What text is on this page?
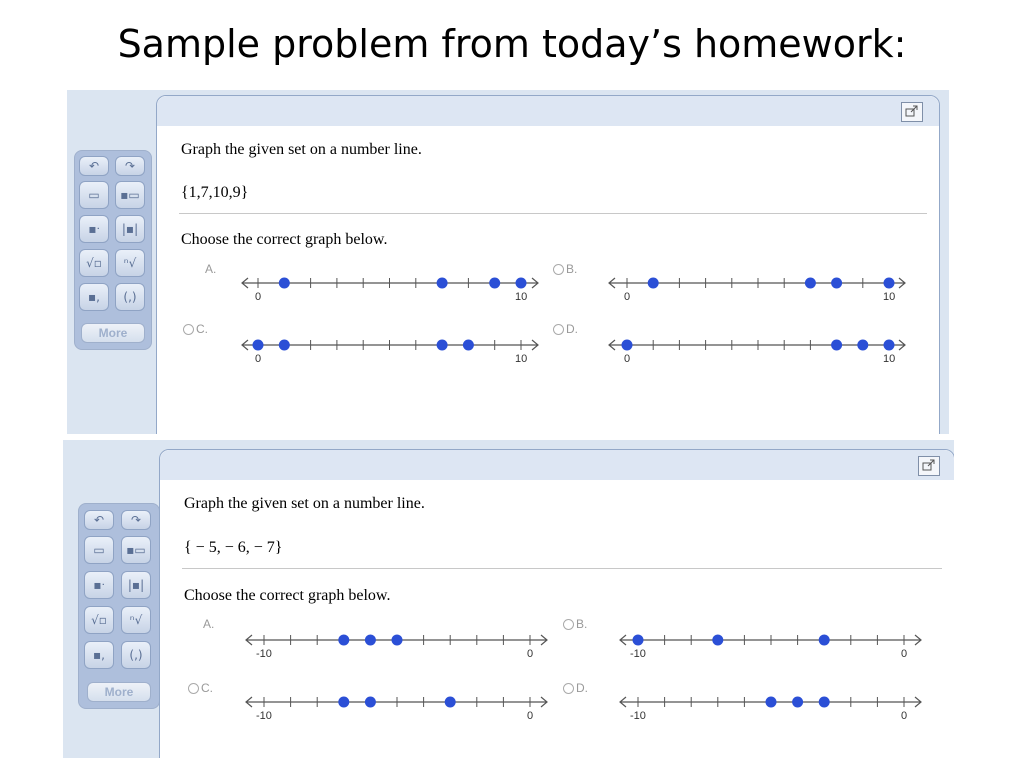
Sample problem from today’s homework:
↶	↷
▭	▪▭
▪ᐧ	|▪|
√▫	ⁿ√
▪,	(,)
More
Graph the given set on a number line.
{1,7,10,9}
Choose the correct graph below.
↶	↷
▭	▪▭
▪ᐧ	|▪|
√▫	ⁿ√
▪,	(,)
More
Graph the given set on a number line.
{ − 5, − 6, − 7}
Choose the correct graph below.
A.
0	10
B.
0	10
C.
0	10
D.
0	10
A.
-10	0
B.
-10	0
C.
-10	0
D.
-10	0
